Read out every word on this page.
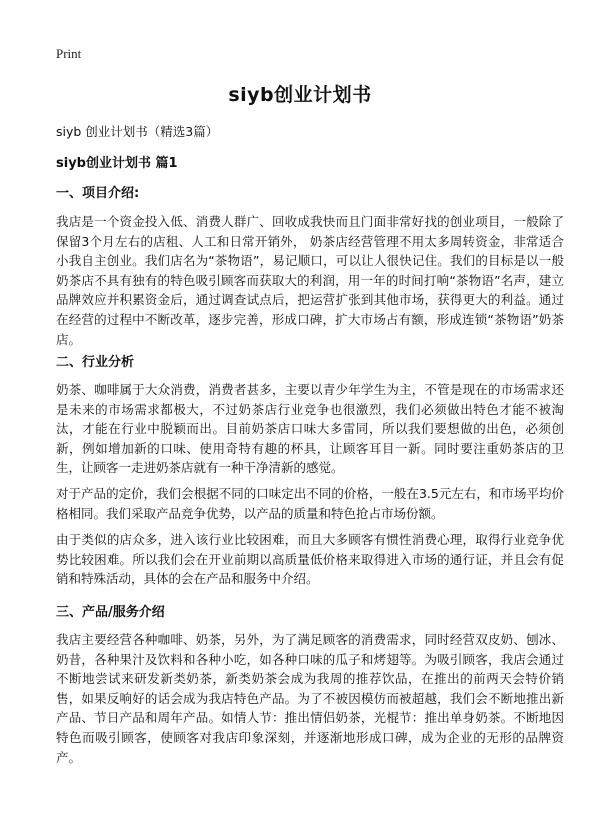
Print
siyb创业计划书
siyb 创业计划书（精选3篇）
siyb创业计划书 篇1
一、项目介绍:

我店是一个资金投入低、消费人群广、回收成我快而且门面非常好找的创业项目，一般除了保留3个月左右的店租、人工和日常开销外， 奶茶店经营管理不用太多周转资金，非常适合小我自主创业。我们店名为“茶物语”，易记顺口，可以让人很快记住。我们的目标是以一般奶茶店不具有独有的特色吸引顾客而获取大的利润，用一年的时间打响“茶物语”名声，建立品牌效应并积累资金后，通过调查试点后，把运营扩张到其他市场，获得更大的利益。通过在经营的过程中不断改革，逐步完善，形成口碑，扩大市场占有额，形成连锁“茶物语”奶茶店。

二、行业分析

奶茶、咖啡属于大众消费，消费者甚多，主要以青少年学生为主，不管是现在的市场需求还是未来的市场需求都极大，不过奶茶店行业竞争也很激烈，我们必须做出特色才能不被淘汰，才能在行业中脱颖而出。目前奶茶店口味大多雷同，所以我们要想做的出色，必须创新，例如增加新的口味、使用奇特有趣的杯具，让顾客耳目一新。同时要注重奶茶店的卫生，让顾客一走进奶茶店就有一种干净清新的感觉。

对于产品的定价，我们会根据不同的口味定出不同的价格，一般在3.5元左右，和市场平均价格相同。我们采取产品竞争优势，以产品的质量和特色抢占市场份额。

由于类似的店众多，进入该行业比较困难，而且大多顾客有惯性消费心理，取得行业竞争优势比较困难。所以我们会在开业前期以高质量低价格来取得进入市场的通行证，并且会有促销和特殊活动，具体的会在产品和服务中介绍。

三、产品/服务介绍

我店主要经营各种咖啡、奶茶，另外，为了满足顾客的消费需求，同时经营双皮奶、刨冰、奶昔，各种果汁及饮料和各种小吃，如各种口味的瓜子和烤翅等。为吸引顾客，我店会通过不断地尝试来研发新类奶茶，新类奶茶会成为我周的推荐饮品，在推出的前两天会特价销售，如果反响好的话会成为我店特色产品。为了不被因模仿而被超越，我们会不断地推出新产品、节日产品和周年产品。如情人节：推出情侣奶茶，光棍节：推出单身奶茶。不断地因特色而吸引顾客，使顾客对我店印象深刻，并逐渐地形成口碑，成为企业的无形的品牌资产。
